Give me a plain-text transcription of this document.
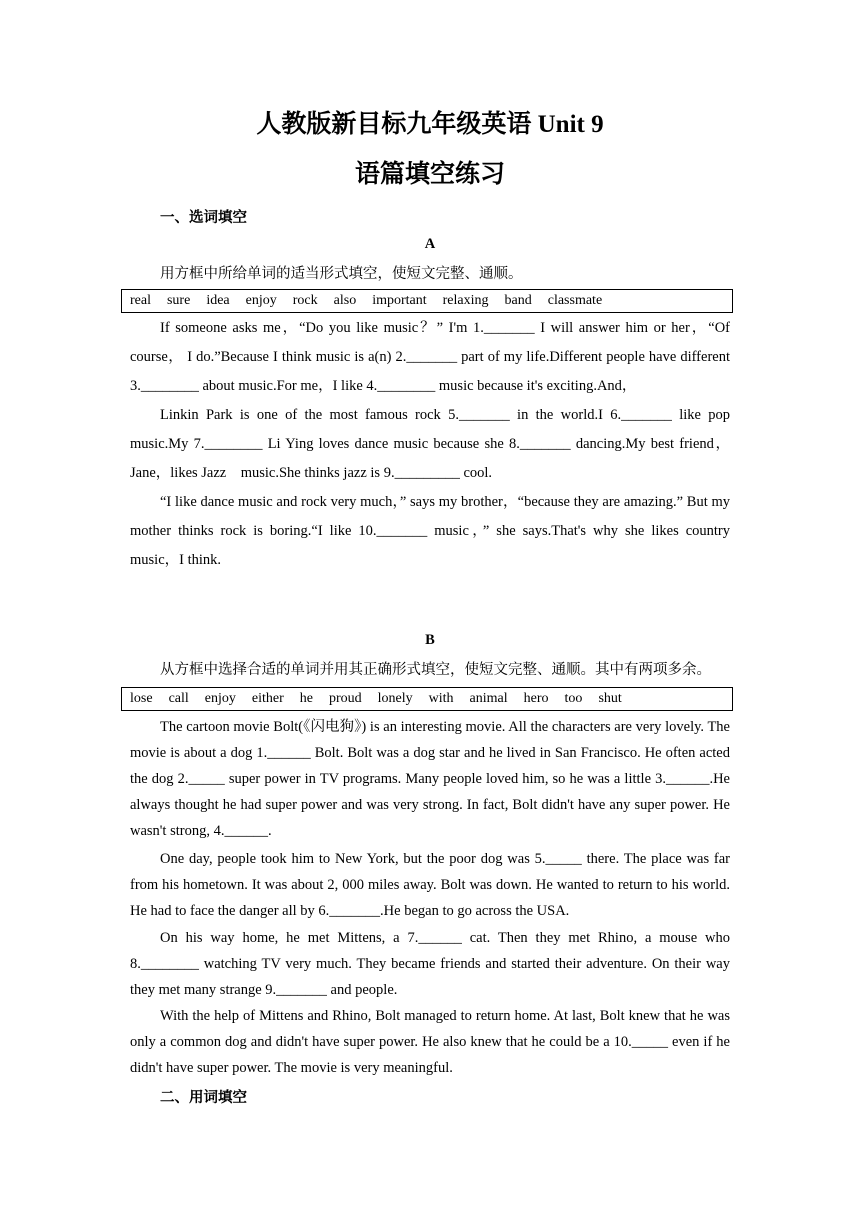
人教版新目标九年级英语 Unit 9
语篇填空练习
一、选词填空
A
用方框中所给单词的适当形式填空，使短文完整、通顺。
real sure idea enjoy rock also important relaxing band classmate

If someone asks me，“Do you like music？” I'm 1._______ I will answer him or her，“Of course， I do.”Because I think music is a(n) 2._______ part of my life.Different people have different 3.________ about music.For me，I like 4.________ music because it's exciting.And，

Linkin Park is one of the most famous rock 5._______ in the world.I 6._______ like pop music.My 7.________ Li Ying loves dance music because she 8._______ dancing.My best friend，Jane，likes Jazz　music.She thinks jazz is 9._________ cool.

“I like dance music and rock very much，” says my brother，“because they are amazing.” But my mother thinks rock is boring.“I like 10._______ music，” she says.That's why she likes country music，I think.

B
从方框中选择合适的单词并用其正确形式填空，使短文完整、通顺。其中有两项多余。
lose call enjoy either he proud lonely with animal hero too shut

The cartoon movie Bolt(《闪电狗》) is an interesting movie. All the characters are very lovely. The movie is about a dog 1.______ Bolt. Bolt was a dog star and he lived in San Francisco. He often acted the dog 2._____ super power in TV programs. Many people loved him, so he was a little 3.______.He always thought he had super power and was very strong. In fact, Bolt didn't have any super power. He wasn't strong, 4.______.

One day, people took him to New York, but the poor dog was 5._____ there. The place was far from his hometown. It was about 2, 000 miles away. Bolt was down. He wanted to return to his world. He had to face the danger all by 6._______.He began to go across the USA.

On his way home, he met Mittens, a 7.______ cat. Then they met Rhino, a mouse who 8.________ watching TV very much. They became friends and started their adventure. On their way they met many strange 9._______ and people.

With the help of Mittens and Rhino, Bolt managed to return home. At last, Bolt knew that he was only a common dog and didn't have super power. He also knew that he could be a 10._____ even if he didn't have super power. The movie is very meaningful.

二、用词填空
